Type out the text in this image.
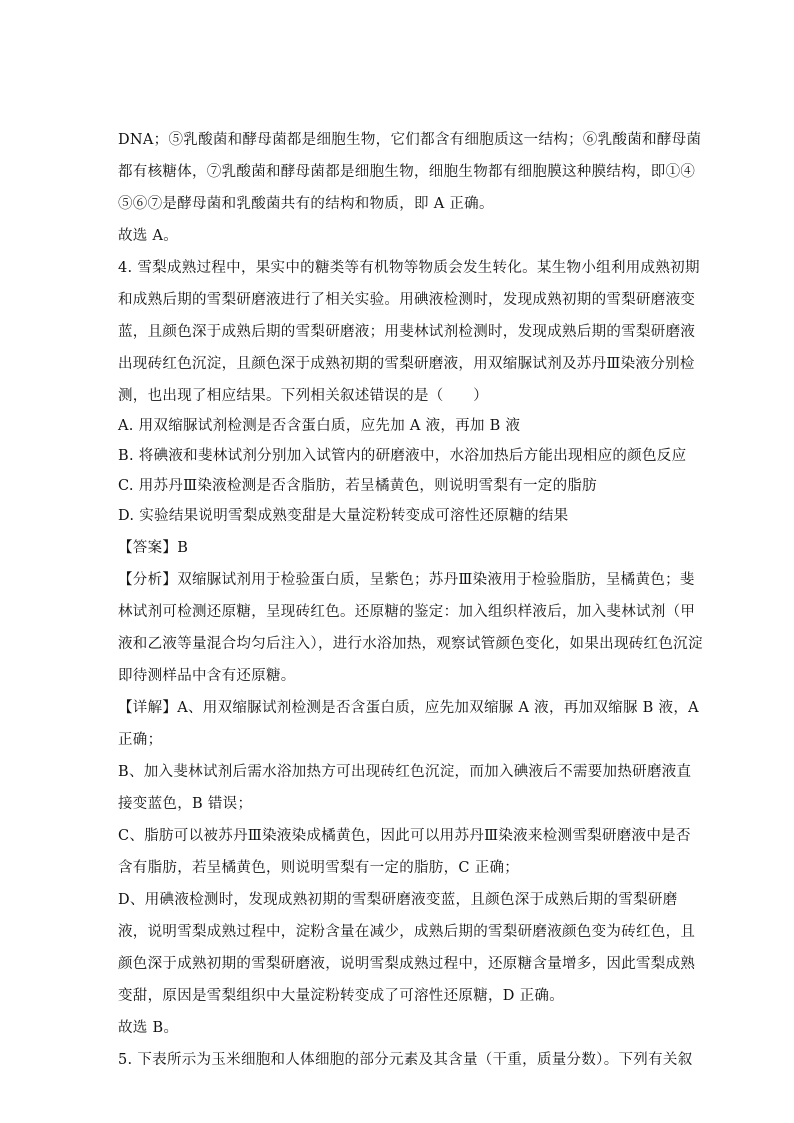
DNA；⑤乳酸菌和酵母菌都是细胞生物，它们都含有细胞质这一结构；⑥乳酸菌和酵母菌
都有核糖体，⑦乳酸菌和酵母菌都是细胞生物，细胞生物都有细胞膜这种膜结构，即①④
⑤⑥⑦是酵母菌和乳酸菌共有的结构和物质，即 A 正确。
故选 A。
4. 雪梨成熟过程中，果实中的糖类等有机物等物质会发生转化。某生物小组利用成熟初期
和成熟后期的雪梨研磨液进行了相关实验。用碘液检测时，发现成熟初期的雪梨研磨液变
蓝，且颜色深于成熟后期的雪梨研磨液；用斐林试剂检测时，发现成熟后期的雪梨研磨液
出现砖红色沉淀，且颜色深于成熟初期的雪梨研磨液，用双缩脲试剂及苏丹Ⅲ染液分别检
测，也出现了相应结果。下列相关叙述错误的是（　　）
A. 用双缩脲试剂检测是否含蛋白质，应先加 A 液，再加 B 液
B. 将碘液和斐林试剂分别加入试管内的研磨液中，水浴加热后方能出现相应的颜色反应
C. 用苏丹Ⅲ染液检测是否含脂肪，若呈橘黄色，则说明雪梨有一定的脂肪
D. 实验结果说明雪梨成熟变甜是大量淀粉转变成可溶性还原糖的结果
【答案】B
【分析】双缩脲试剂用于检验蛋白质，呈紫色；苏丹Ⅲ染液用于检验脂肪，呈橘黄色；斐
林试剂可检测还原糖，呈现砖红色。还原糖的鉴定：加入组织样液后，加入斐林试剂（甲
液和乙液等量混合均匀后注入），进行水浴加热，观察试管颜色变化，如果出现砖红色沉淀
即待测样品中含有还原糖。
【详解】A、用双缩脲试剂检测是否含蛋白质，应先加双缩脲 A 液，再加双缩脲 B 液，A
正确；
B、加入斐林试剂后需水浴加热方可出现砖红色沉淀，而加入碘液后不需要加热研磨液直
接变蓝色，B 错误；
C、脂肪可以被苏丹Ⅲ染液染成橘黄色，因此可以用苏丹Ⅲ染液来检测雪梨研磨液中是否
含有脂肪，若呈橘黄色，则说明雪梨有一定的脂肪，C 正确；
D、用碘液检测时，发现成熟初期的雪梨研磨液变蓝，且颜色深于成熟后期的雪梨研磨
液，说明雪梨成熟过程中，淀粉含量在减少，成熟后期的雪梨研磨液颜色变为砖红色，且
颜色深于成熟初期的雪梨研磨液，说明雪梨成熟过程中，还原糖含量增多，因此雪梨成熟
变甜，原因是雪梨组织中大量淀粉转变成了可溶性还原糖，D 正确。
故选 B。
5. 下表所示为玉米细胞和人体细胞的部分元素及其含量（干重，质量分数）。下列有关叙
